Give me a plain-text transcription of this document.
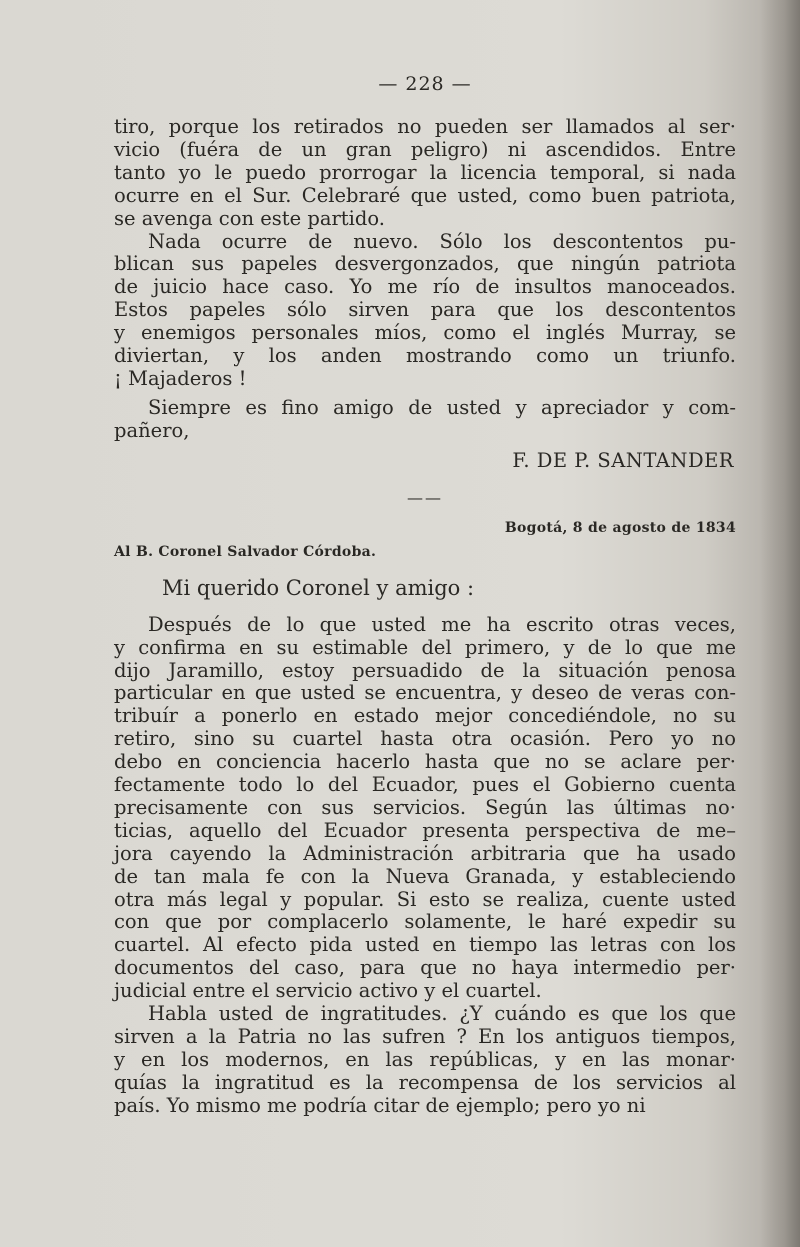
— 228 —
tiro, porque los retirados no pueden ser llamados al ser·
vicio (fuéra de un gran peligro) ni ascendidos. Entre
tanto yo le puedo prorrogar la licencia temporal, si nada
ocurre en el Sur. Celebraré que usted, como buen patriota,
se avenga con este partido.
Nada ocurre de nuevo. Sólo los descontentos pu-
blican sus papeles desvergonzados, que ningún patriota
de juicio hace caso. Yo me río de insultos manoceados.
Estos papeles sólo sirven para que los descontentos
y enemigos personales míos, como el inglés Murray, se
diviertan, y los anden mostrando como un triunfo.
¡ Majaderos !
Siempre es fino amigo de usted y apreciador y com-
pañero,
F. DE P. SANTANDER
——
Bogotá, 8 de agosto de 1834
Al B. Coronel Salvador Córdoba.
Mi querido Coronel y amigo :
Después de lo que usted me ha escrito otras veces,
y confirma en su estimable del primero, y de lo que me
dijo Jaramillo, estoy persuadido de la situación penosa
particular en que usted se encuentra, y deseo de veras con-
tribuír a ponerlo en estado mejor concediéndole, no su
retiro, sino su cuartel hasta otra ocasión. Pero yo no
debo en conciencia hacerlo hasta que no se aclare per·
fectamente todo lo del Ecuador, pues el Gobierno cuenta
precisamente con sus servicios. Según las últimas no·
ticias, aquello del Ecuador presenta perspectiva de me–
jora cayendo la Administración arbitraria que ha usado
de tan mala fe con la Nueva Granada, y estableciendo
otra más legal y popular. Si esto se realiza, cuente usted
con que por complacerlo solamente, le haré expedir su
cuartel. Al efecto pida usted en tiempo las letras con los
documentos del caso, para que no haya intermedio per·
judicial entre el servicio activo y el cuartel.
Habla usted de ingratitudes. ¿Y cuándo es que los que
sirven a la Patria no las sufren ? En los antiguos tiempos,
y en los modernos, en las repúblicas, y en las monar·
quías la ingratitud es la recompensa de los servicios al
país. Yo mismo me podría citar de ejemplo; pero yo ni
